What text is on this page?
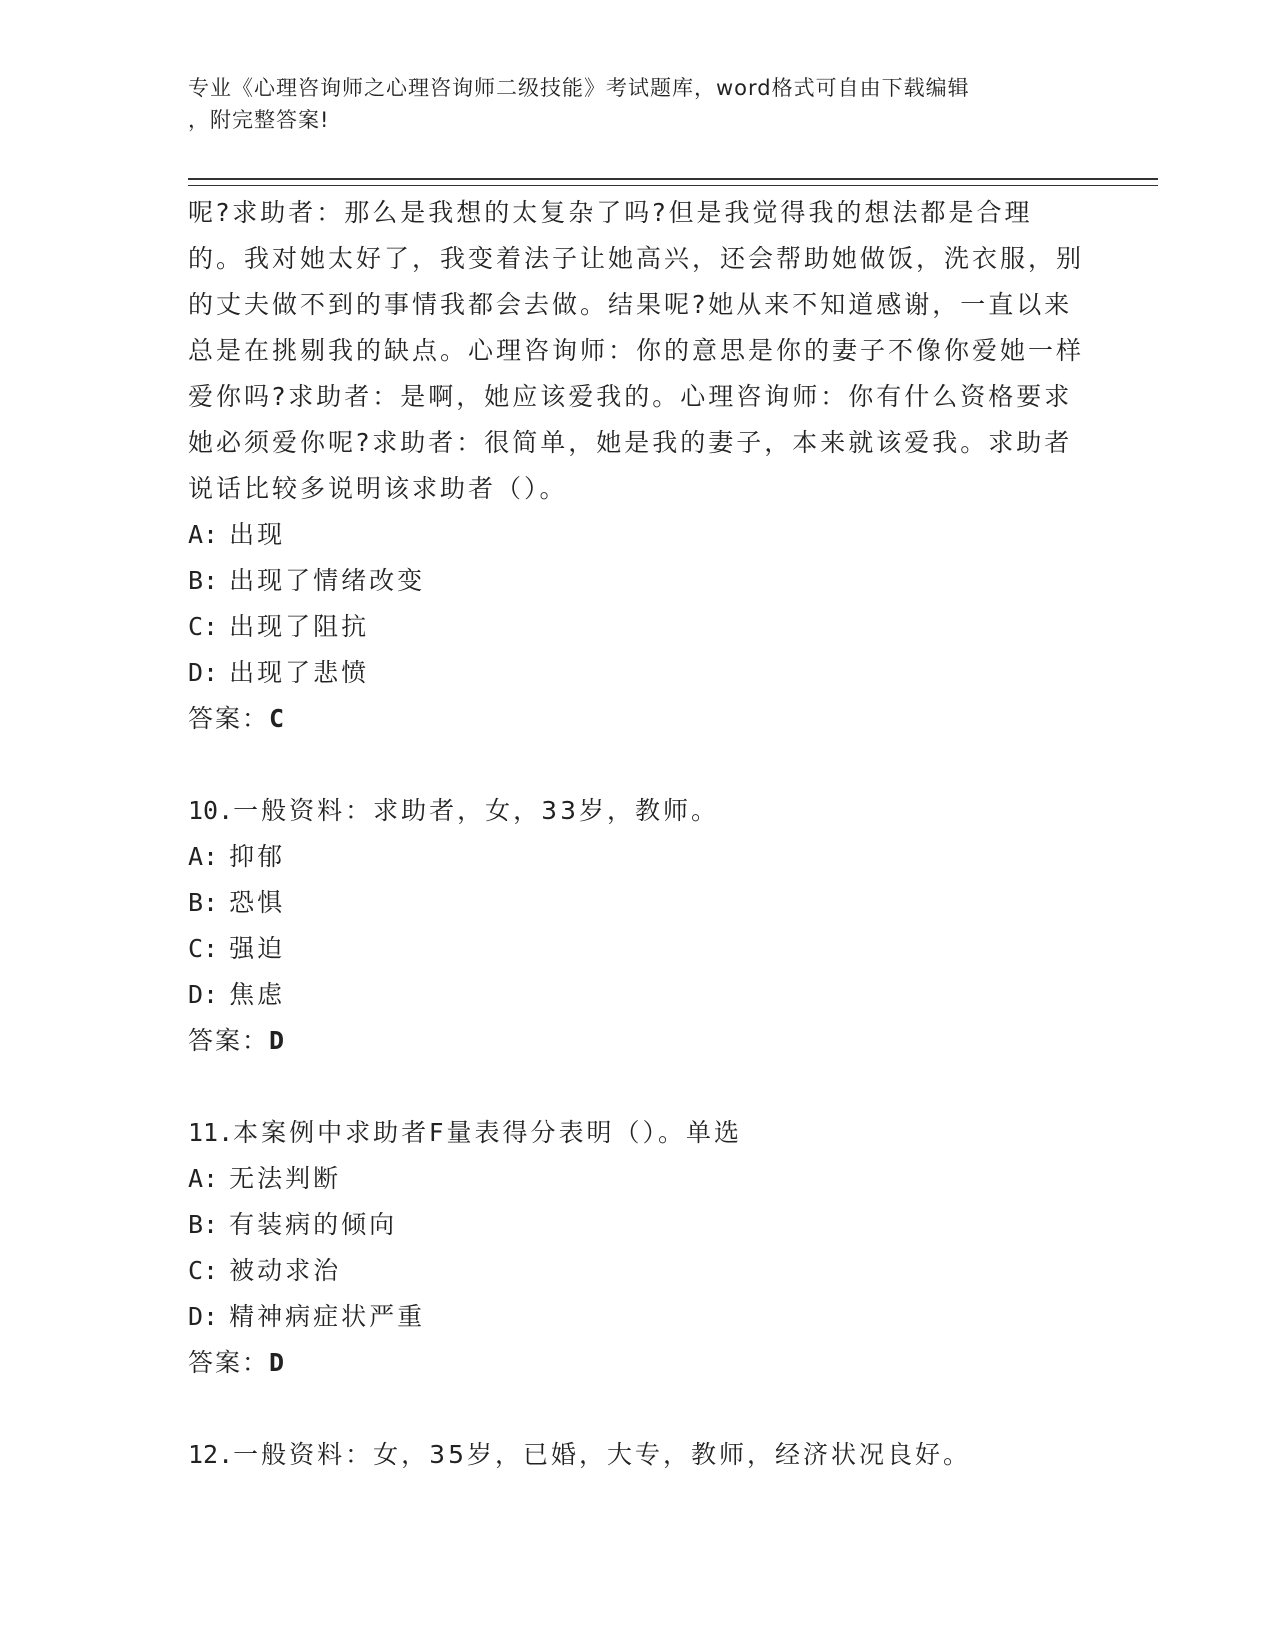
专业《心理咨询师之心理咨询师二级技能》考试题库，word格式可自由下载编辑
，附完整答案!

呢?求助者：那么是我想的太复杂了吗?但是我觉得我的想法都是合理的。我对她太好了，我变着法子让她高兴，还会帮助她做饭，洗衣服，别的丈夫做不到的事情我都会去做。结果呢?她从来不知道感谢，一直以来总是在挑剔我的缺点。心理咨询师：你的意思是你的妻子不像你爱她一样爱你吗?求助者：是啊，她应该爱我的。心理咨询师：你有什么资格要求她必须爱你呢?求助者：很简单，她是我的妻子，本来就该爱我。求助者说话比较多说明该求助者（）。

A: 出现

B: 出现了情绪改变

C: 出现了阻抗

D: 出现了悲愤

答案：C

10.一般资料：求助者，女，33岁，教师。

A: 抑郁

B: 恐惧

C: 强迫

D: 焦虑

答案：D

11.本案例中求助者F量表得分表明（）。单选

A: 无法判断

B: 有装病的倾向

C: 被动求治

D: 精神病症状严重

答案：D

12.一般资料：女，35岁，已婚，大专，教师，经济状况良好。
